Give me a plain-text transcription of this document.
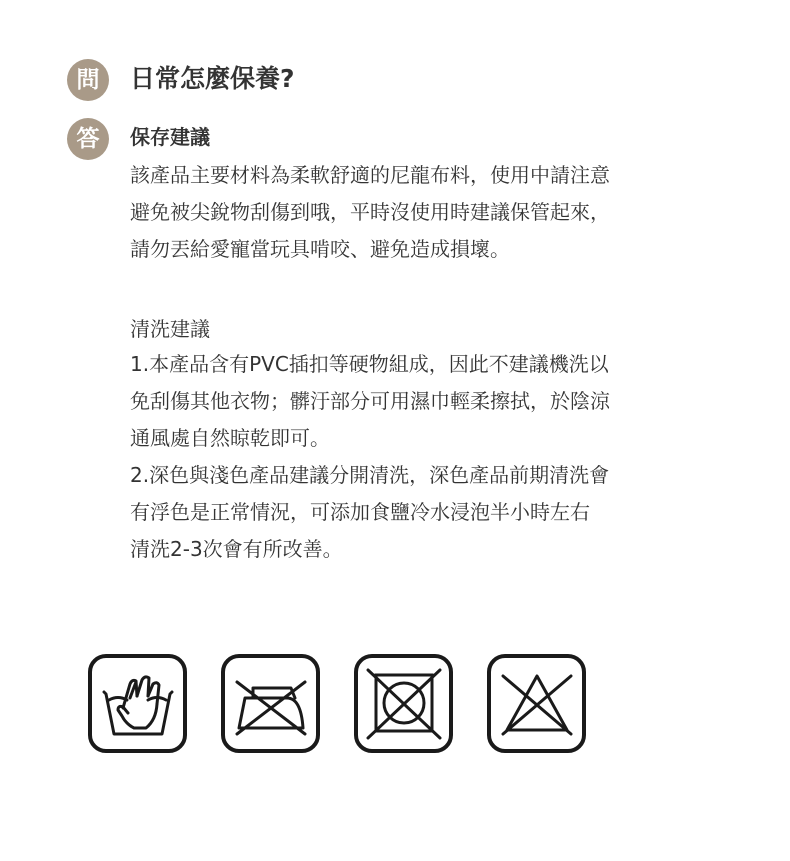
問	日常怎麼保養?
答	保存建議

該產品主要材料為柔軟舒適的尼龍布料，使用中請注意

避免被尖銳物刮傷到哦，平時沒使用時建議保管起來，

請勿丟給愛寵當玩具啃咬、避免造成損壞。

清洗建議

1.本產品含有PVC插扣等硬物組成，因此不建議機洗以

免刮傷其他衣物；髒汙部分可用濕巾輕柔擦拭，於陰涼

通風處自然晾乾即可。

2.深色與淺色產品建議分開清洗，深色產品前期清洗會

有浮色是正常情況，可添加食鹽冷水浸泡半小時左右

清洗2-3次會有所改善。
